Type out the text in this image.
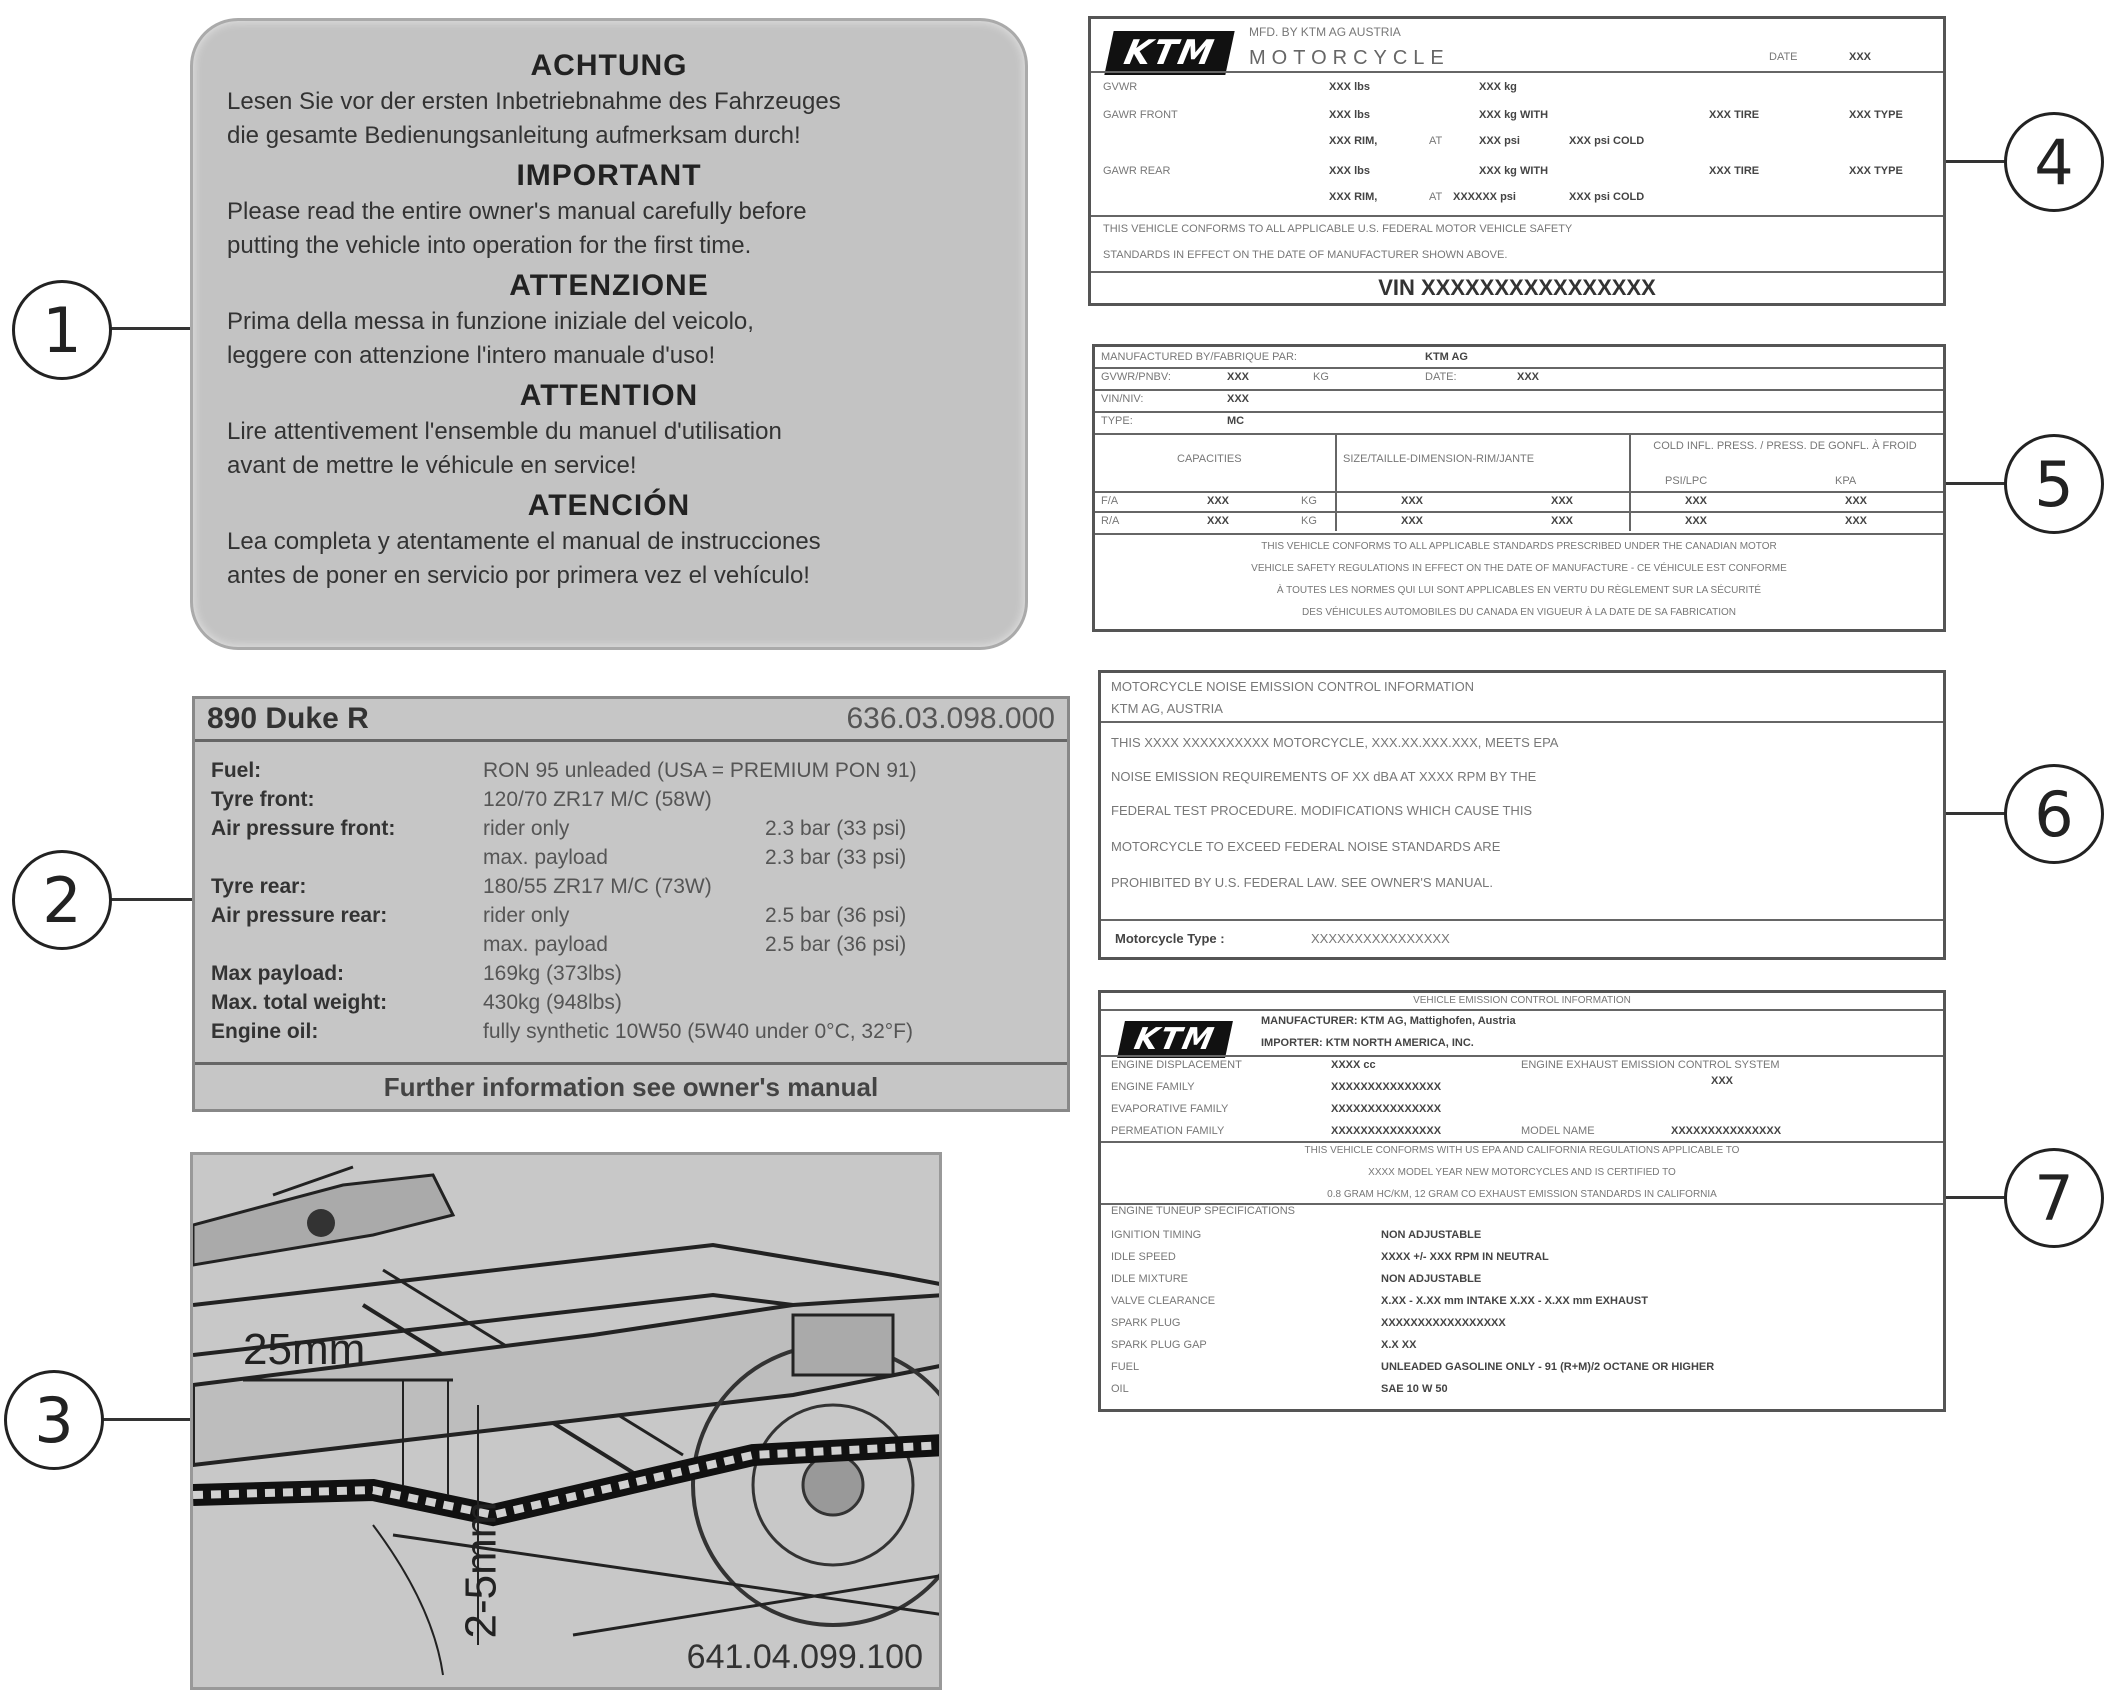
1
2
3
4
5
6
7
ACHTUNG

Lesen Sie vor der ersten Inbetriebnahme des Fahrzeuges
die gesamte Bedienungsanleitung aufmerksam durch!

IMPORTANT

Please read the entire owner's manual carefully before
putting the vehicle into operation for the first time.

ATTENZIONE

Prima della messa in funzione iniziale del veicolo,
leggere con attenzione l'intero manuale d'uso!

ATTENTION

Lire attentivement l'ensemble du manuel d'utilisation
avant de mettre le véhicule en service!

ATENCIÓN

Lea completa y atentamente el manual de instrucciones
antes de poner en servicio por primera vez el vehículo!

890 Duke R	636.03.098.000
Fuel:	RON 95 unleaded (USA = PREMIUM PON 91)	
Tyre front:	120/70 ZR17 M/C (58W)	
Air pressure front:	rider only	2.3 bar (33 psi)
	max. payload	2.3 bar (33 psi)
Tyre rear:	180/55 ZR17 M/C (73W)	
Air pressure rear:	rider only	2.5 bar (36 psi)
	max. payload	2.5 bar (36 psi)
Max payload:	169kg (373lbs)	
Max. total weight:	430kg (948lbs)	
Engine oil:	fully synthetic 10W50 (5W40 under 0°C, 32°F)	
Further information see owner's manual
25mm
2-5mm
641.04.099.100
KTM
MFD. BY KTM AG AUSTRIA
MOTORCYCLE	DATE	XXX
GVWR	XXX lbs	XXX kg
GAWR FRONT	XXX lbs	XXX kg WITH	XXX TIRE	XXX TYPE
XXX RIM,	AT	XXX psi	XXX psi COLD
GAWR REAR	XXX lbs	XXX kg WITH	XXX TIRE	XXX TYPE
XXX RIM,	AT XXXXXX psi	XXX psi COLD
THIS VEHICLE CONFORMS TO ALL APPLICABLE U.S. FEDERAL MOTOR VEHICLE SAFETY
STANDARDS IN EFFECT ON THE DATE OF MANUFACTURER SHOWN ABOVE.
VIN XXXXXXXXXXXXXXXX
MANUFACTURED BY/FABRIQUE PAR:	KTM AG
GVWR/PNBV:	XXX	KG	DATE:	XXX
VIN/NIV:	XXX
TYPE:	MC
CAPACITIES	SIZE/TAILLE-DIMENSION-RIM/JANTE
COLD INFL. PRESS. / PRESS. DE GONFL. À FROID
PSI/LPC	KPA
F/A	XXX	KG	XXX	XXX	XXX	XXX
R/A	XXX	KG	XXX	XXX	XXX	XXX
THIS VEHICLE CONFORMS TO ALL APPLICABLE STANDARDS PRESCRIBED UNDER THE CANADIAN MOTOR
VEHICLE SAFETY REGULATIONS IN EFFECT ON THE DATE OF MANUFACTURE - CE VÉHICULE EST CONFORME
À TOUTES LES NORMES QUI LUI SONT APPLICABLES EN VERTU DU RÈGLEMENT SUR LA SÉCURITÉ
DES VÉHICULES AUTOMOBILES DU CANADA EN VIGUEUR À LA DATE DE SA FABRICATION
MOTORCYCLE NOISE EMISSION CONTROL INFORMATION
KTM AG, AUSTRIA
THIS XXXX XXXXXXXXXX MOTORCYCLE, XXX.XX.XXX.XXX, MEETS EPA
NOISE EMISSION REQUIREMENTS OF XX dBA AT XXXX RPM BY THE
FEDERAL TEST PROCEDURE. MODIFICATIONS WHICH CAUSE THIS
MOTORCYCLE TO EXCEED FEDERAL NOISE STANDARDS ARE
PROHIBITED BY U.S. FEDERAL LAW. SEE OWNER'S MANUAL.
Motorcycle Type :	XXXXXXXXXXXXXXXX
VEHICLE EMISSION CONTROL INFORMATION
KTM
MANUFACTURER: KTM AG, Mattighofen, Austria
IMPORTER: KTM NORTH AMERICA, INC.
ENGINE DISPLACEMENT	XXXX cc	ENGINE EXHAUST EMISSION CONTROL SYSTEM
XXX
ENGINE FAMILY	XXXXXXXXXXXXXXX
EVAPORATIVE FAMILY	XXXXXXXXXXXXXXX
PERMEATION FAMILY	XXXXXXXXXXXXXXX	MODEL NAME	XXXXXXXXXXXXXXX
THIS VEHICLE CONFORMS WITH US EPA AND CALIFORNIA REGULATIONS APPLICABLE TO
XXXX MODEL YEAR NEW MOTORCYCLES AND IS CERTIFIED TO
0.8 GRAM HC/KM, 12 GRAM CO EXHAUST EMISSION STANDARDS IN CALIFORNIA
ENGINE TUNEUP SPECIFICATIONS
IGNITION TIMING	NON ADJUSTABLE
IDLE SPEED	XXXX +/- XXX RPM IN NEUTRAL
IDLE MIXTURE	NON ADJUSTABLE
VALVE CLEARANCE	X.XX - X.XX mm INTAKE X.XX - X.XX mm EXHAUST
SPARK PLUG	XXXXXXXXXXXXXXXXX
SPARK PLUG GAP	X.X XX
FUEL	UNLEADED GASOLINE ONLY - 91 (R+M)/2 OCTANE OR HIGHER
OIL	SAE 10 W 50
